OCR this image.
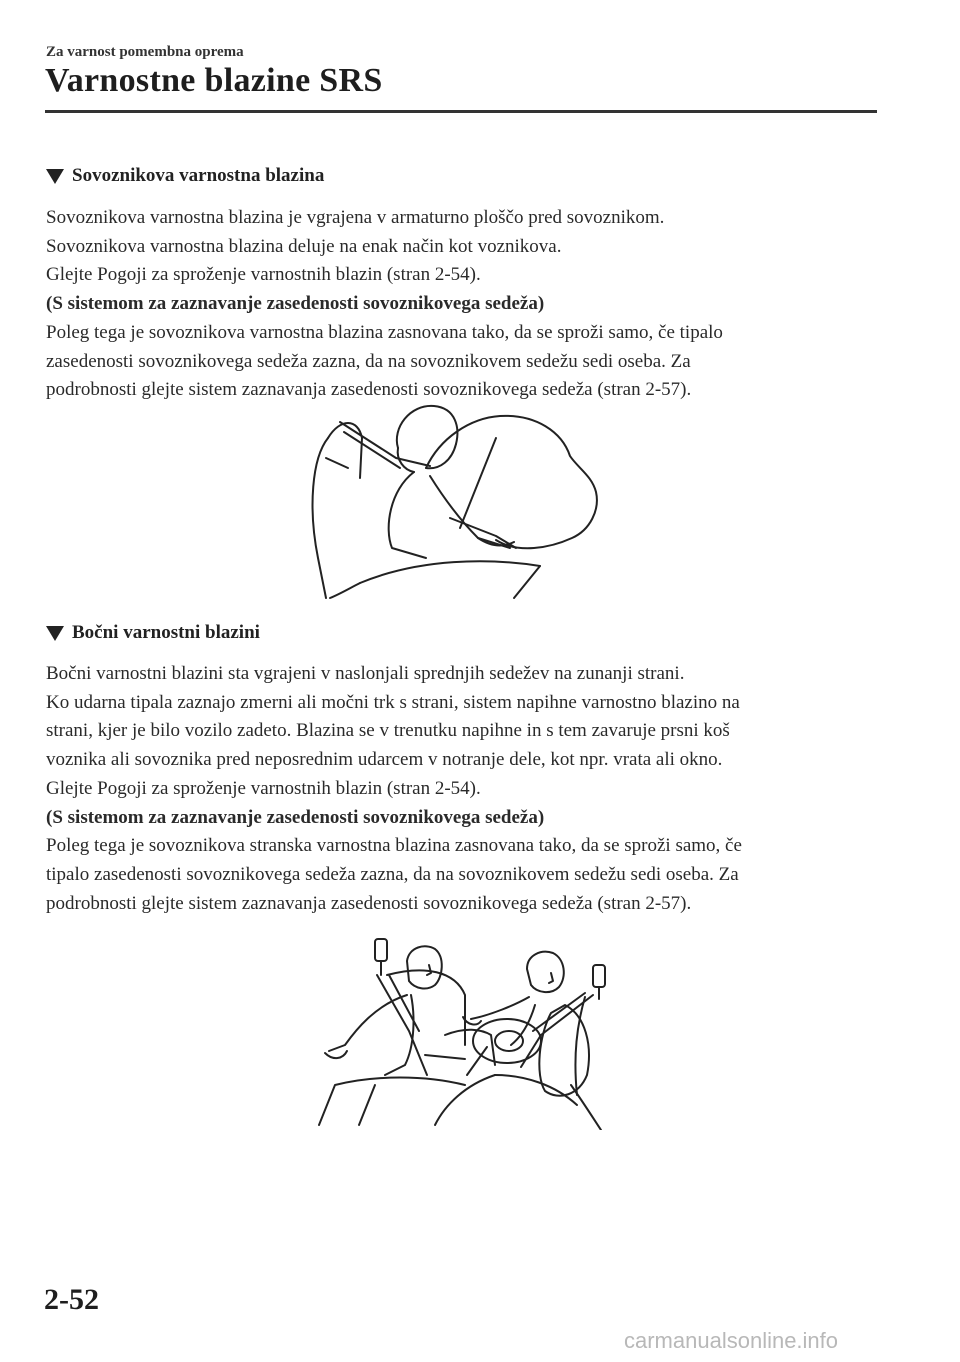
Za varnost pomembna oprema
Varnostne blazine SRS
Sovoznikova varnostna blazina

Sovoznikova varnostna blazina je vgrajena v armaturno ploščo pred sovoznikom.

Sovoznikova varnostna blazina deluje na enak način kot voznikova.

Glejte Pogoji za sproženje varnostnih blazin (stran 2-54).

(S sistemom za zaznavanje zasedenosti sovoznikovega sedeža)

Poleg tega je sovoznikova varnostna blazina zasnovana tako, da se sproži samo, če tipalo

zasedenosti sovoznikovega sedeža zazna, da na sovoznikovem sedežu sedi oseba. Za

podrobnosti glejte sistem zaznavanja zasedenosti sovoznikovega sedeža (stran 2-57).

Bočni varnostni blazini

Bočni varnostni blazini sta vgrajeni v naslonjali sprednjih sedežev na zunanji strani.

Ko udarna tipala zaznajo zmerni ali močni trk s strani, sistem napihne varnostno blazino na

strani, kjer je bilo vozilo zadeto. Blazina se v trenutku napihne in s tem zavaruje prsni koš

voznika ali sovoznika pred neposrednim udarcem v notranje dele, kot npr. vrata ali okno.

Glejte Pogoji za sproženje varnostnih blazin (stran 2-54).

(S sistemom za zaznavanje zasedenosti sovoznikovega sedeža)

Poleg tega je sovoznikova stranska varnostna blazina zasnovana tako, da se sproži samo, če

tipalo zasedenosti sovoznikovega sedeža zazna, da na sovoznikovem sedežu sedi oseba. Za

podrobnosti glejte sistem zaznavanja zasedenosti sovoznikovega sedeža (stran 2-57).

2-52
carmanualsonline.info
